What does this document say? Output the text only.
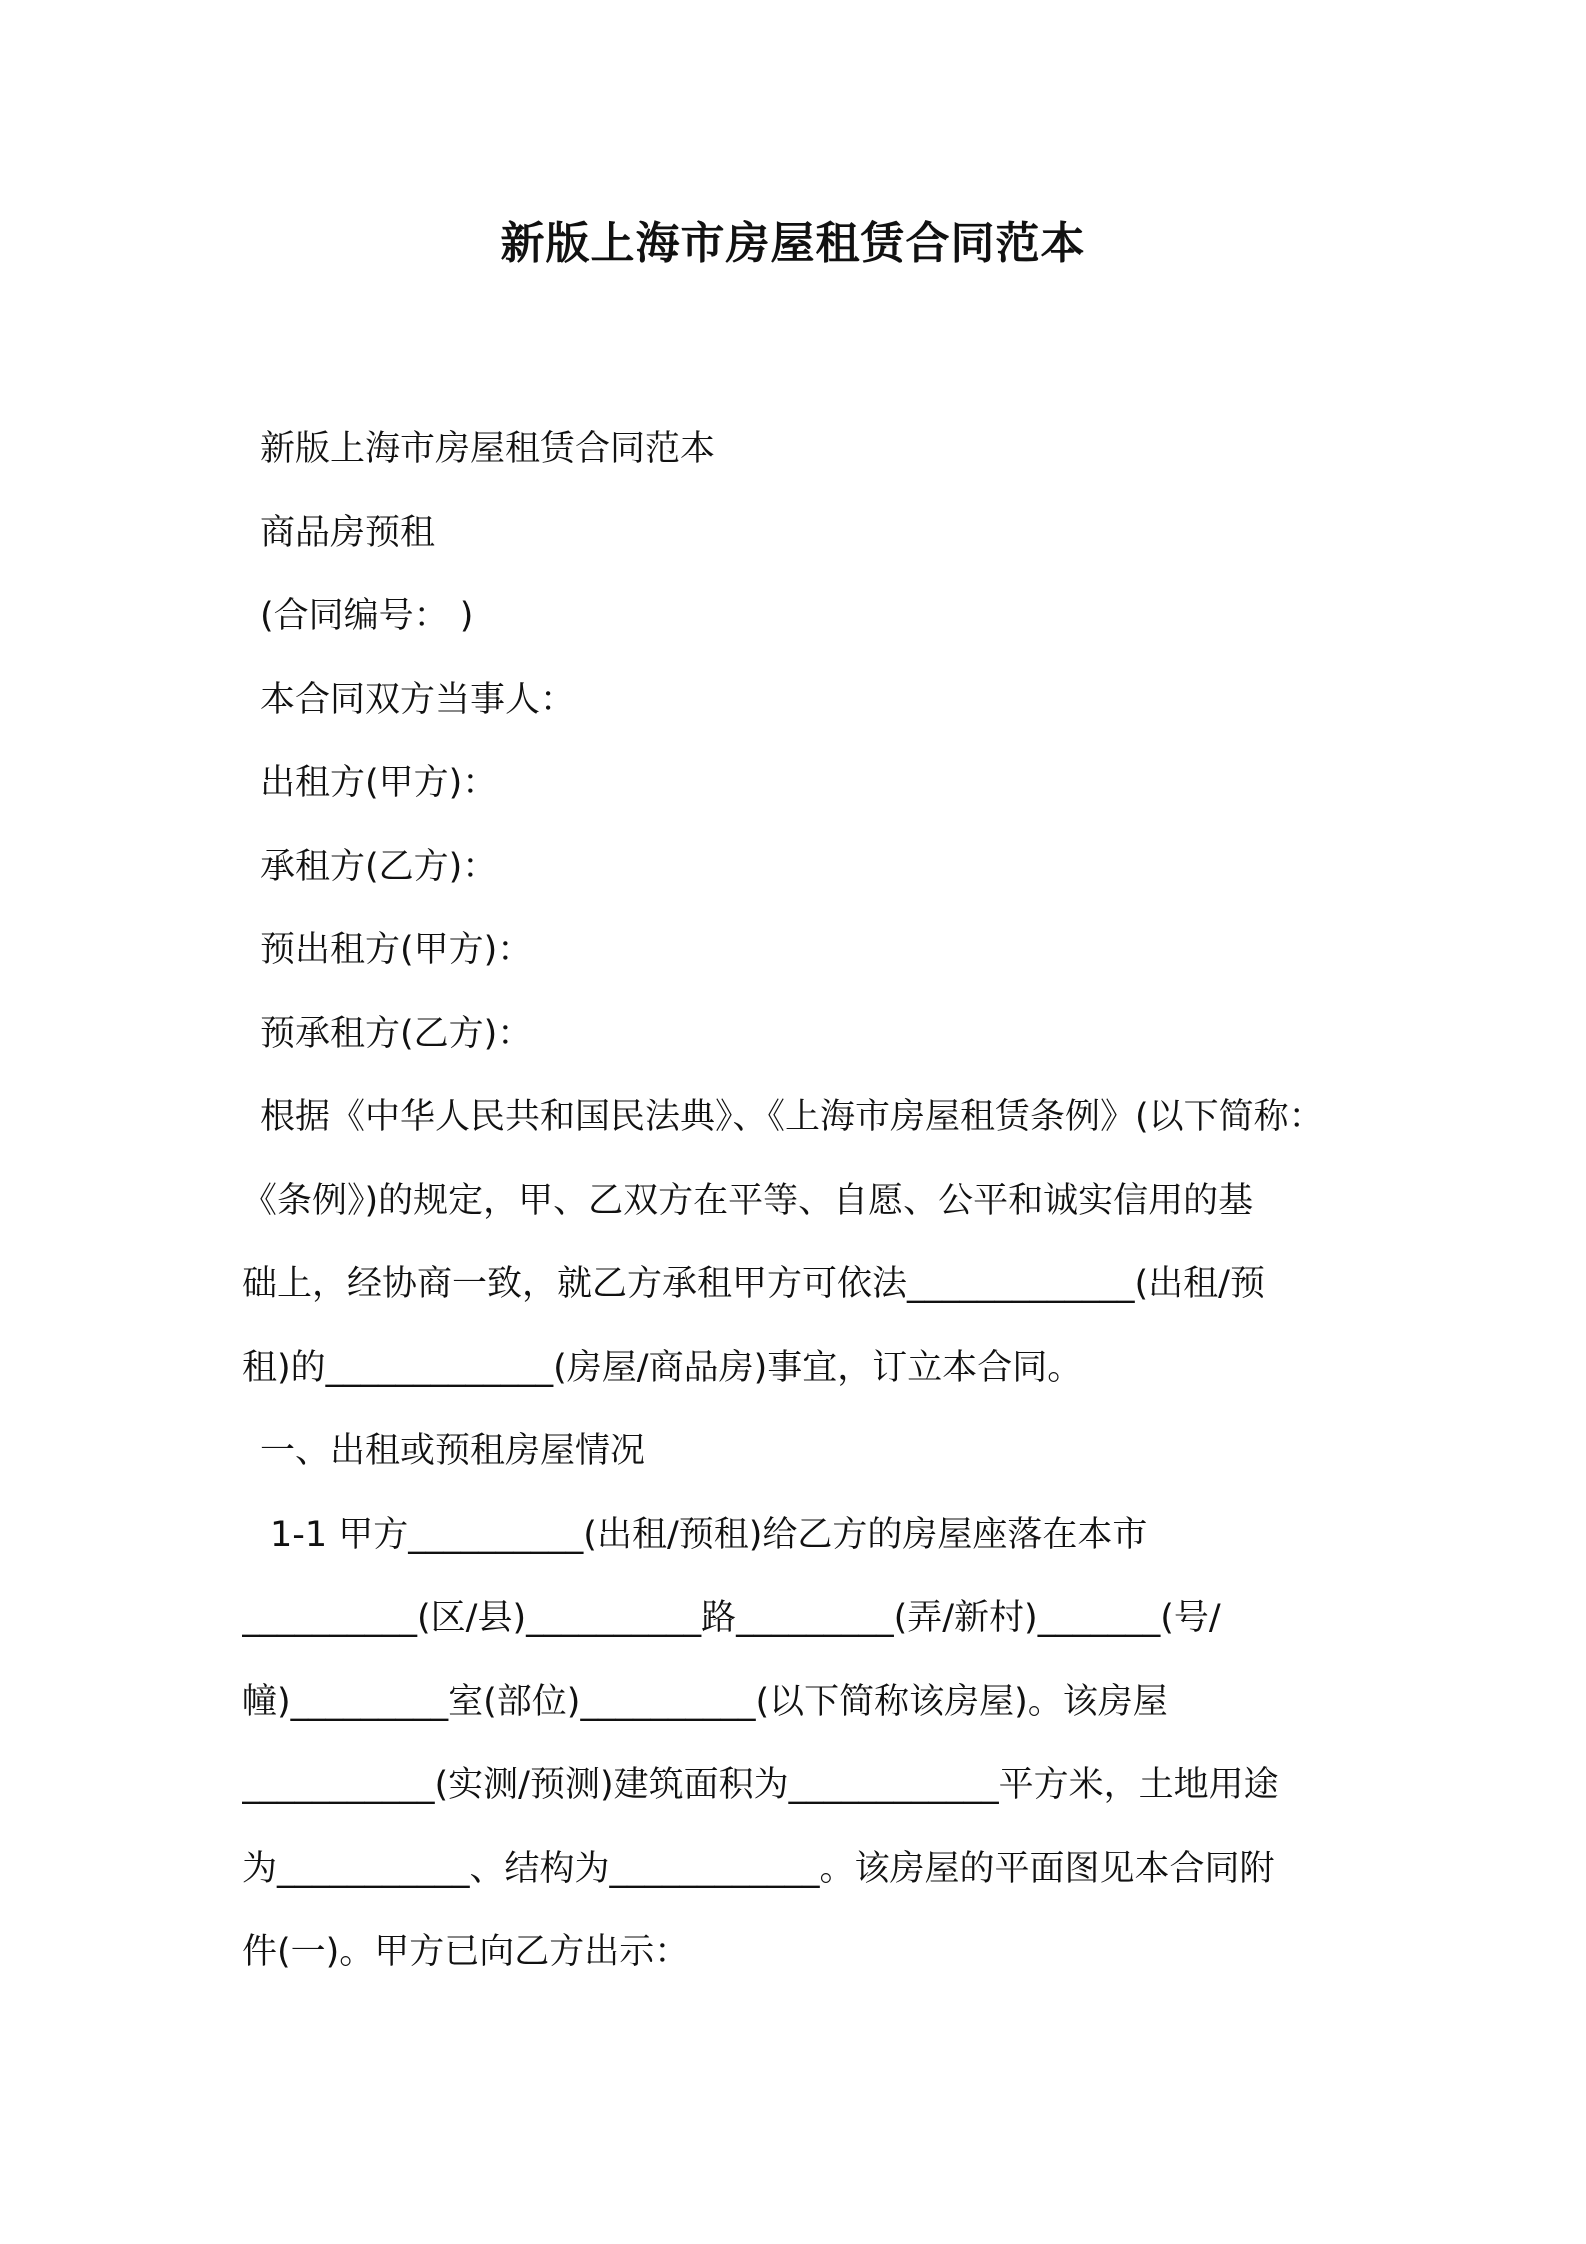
新版上海市房屋租赁合同范本

新版上海市房屋租赁合同范本

商品房预租

(合同编号： )

本合同双方当事人：

出租方(甲方)：

承租方(乙方)：

预出租方(甲方)：

预承租方(乙方)：

根据《中华人民共和国民法典》、《上海市房屋租赁条例》(以下简称：

《条例》)的规定，甲、乙双方在平等、自愿、公平和诚实信用的基

础上，经协商一致，就乙方承租甲方可依法_____________(出租/预

租)的_____________(房屋/商品房)事宜，订立本合同。

一、出租或预租房屋情况

1-1 甲方__________(出租/预租)给乙方的房屋座落在本市

__________(区/县)__________路_________(弄/新村)_______(号/

幢)_________室(部位)__________(以下简称该房屋)。该房屋

___________(实测/预测)建筑面积为____________平方米，土地用途

为___________、结构为____________。该房屋的平面图见本合同附

件(一)。甲方已向乙方出示：
